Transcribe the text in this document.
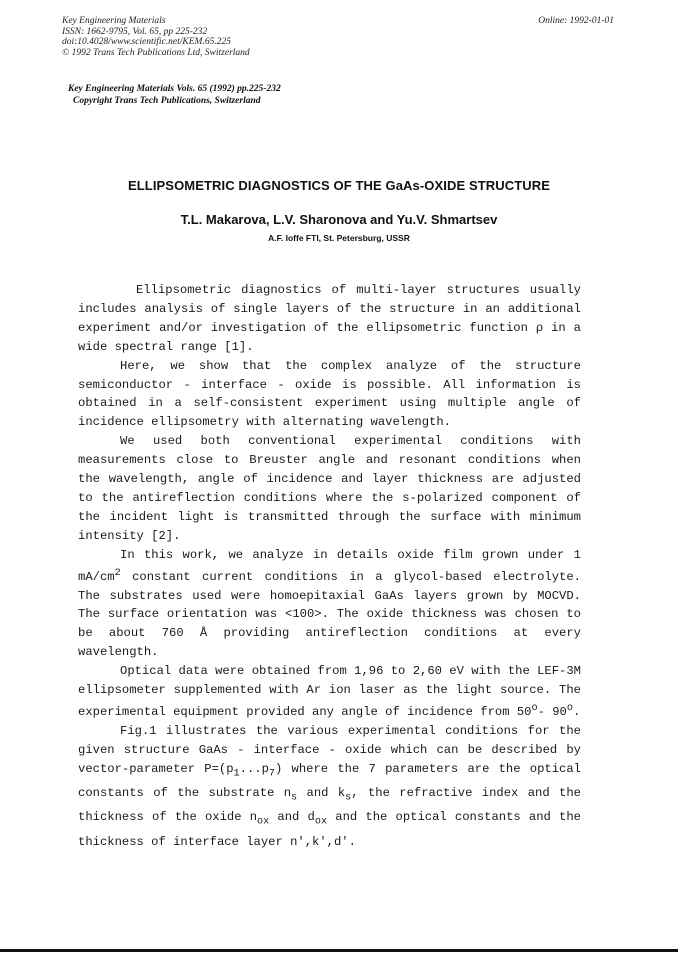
Key Engineering Materials
ISSN: 1662-9795, Vol. 65, pp 225-232
doi:10.4028/www.scientific.net/KEM.65.225
© 1992 Trans Tech Publications Ltd, Switzerland
Online: 1992-01-01
Key Engineering Materials Vols. 65 (1992) pp.225-232
Copyright Trans Tech Publications, Switzerland
ELLIPSOMETRIC DIAGNOSTICS OF THE GaAs-OXIDE STRUCTURE
T.L. Makarova, L.V. Sharonova and Yu.V. Shmartsev
A.F. Ioffe FTI, St. Petersburg, USSR

Ellipsometric diagnostics of multi-layer structures usually includes analysis of single layers of the structure in an additional experiment and/or investigation of the ellipsometric function ρ in a wide spectral range [1].

Here, we show that the complex analyze of the structure semiconductor - interface - oxide is possible. All information is obtained in a self-consistent experiment using multiple angle of incidence ellipsometry with alternating wavelength.

We used both conventional experimental conditions with measurements close to Breuster angle and resonant conditions when the wavelength, angle of incidence and layer thickness are adjusted to the antireflection conditions where the s-polarized component of the incident light is transmitted through the surface with minimum intensity [2].

In this work, we analyze in details oxide film grown under 1 $mA/cm^2$ constant current conditions in a glycol-based electrolyte. The substrates used were homoepitaxial GaAs layers grown by MOCVD. The surface orientation was <100>. The oxide thickness was chosen to be about 760 Å providing antireflection conditions at every wavelength.

Optical data were obtained from 1,96 to 2,60 eV with the LEF-3M ellipsometer supplemented with Ar ion laser as the light source. The experimental equipment provided any angle of incidence from 50$^o$- 90$^o$.

Fig.1 illustrates the various experimental conditions for the given structure GaAs - interface - oxide which can be described by vector-parameter $P=(p_1...p_7)$ where the 7 parameters are the optical constants of the substrate $n_s$ and $k_s$, the refractive index and the thickness of the oxide $n_{ox}$ and $d_{ox}$ and the optical constants and the thickness of interface layer n',k',d'.
